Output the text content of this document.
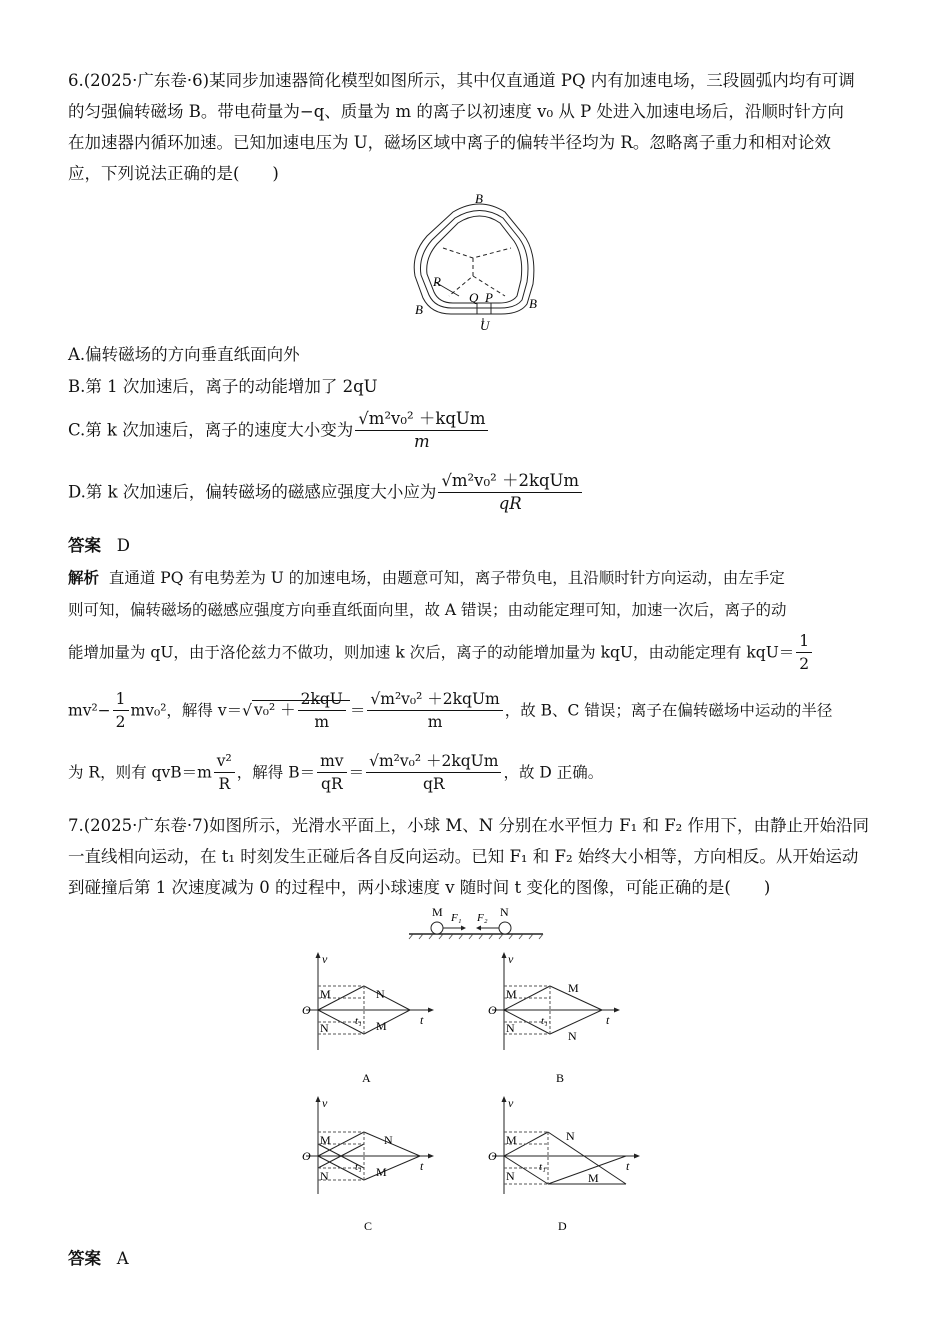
6.(2025·广东卷·6)某同步加速器简化模型如图所示，其中仅直通道 PQ 内有加速电场，三段圆弧内均有可调
的匀强偏转磁场 B。带电荷量为−q、质量为 m 的离子以初速度 v₀ 从 P 处进入加速电场后，沿顺时针方向
在加速器内循环加速。已知加速电压为 U，磁场区域中离子的偏转半径均为 R。忽略离子重力和相对论效
应，下列说法正确的是(　　)
B
B	B
R
Q P
U
A.偏转磁场的方向垂直纸面向外
B.第 1 次加速后，离子的动能增加了 2qU
C.第 k 次加速后，离子的速度大小变为 $\frac{\text{√m²v₀² ＋kqUm}}{m}$
D.第 k 次加速后，偏转磁场的磁感应强度大小应为 $\frac{\text{√m²v₀² ＋2kqUm}}{qR}$
答案 D
解析 直通道 PQ 有电势差为 U 的加速电场，由题意可知，离子带负电，且沿顺时针方向运动，由左手定
则可知，偏转磁场的磁感应强度方向垂直纸面向里，故 A 错误；由动能定理可知，加速一次后，离子的动
能增加量为 qU，由于洛伦兹力不做功，则加速 k 次后，离子的动能增加量为 kqU，由动能定理有 $kqU= \frac{1}{2}$
$mv^2- \frac{1}{2} mv_0^2$，解得 v＝√ $v_0^2 + \frac{\text{2kqU}}{m} = \frac{\text{√m²v₀² ＋2kqUm}}{m}$ ，故 B、C 错误；离子在偏转磁场中运动的半径
为 R，则有 $qvB=m \frac{\text{v²}}{R}$ ，解得 $B= \frac{mv}{qR} = \frac{\text{√m²v₀² ＋2kqUm}}{qR}$ ，故 D 正确。
7.(2025·广东卷·7)如图所示，光滑水平面上，小球 M、N 分别在水平恒力 F₁ 和 F₂ 作用下，由静止开始沿同
一直线相向运动，在 t₁ 时刻发生正碰后各自反向运动。已知 F₁ 和 F₂ 始终大小相等，方向相反。从开始运动
到碰撞后第 1 次速度减为 0 的过程中，两小球速度 v 随时间 t 变化的图像，可能正确的是(　　)
M F₁ F₂ N
v
t
O
t₁
M	N
N	M
A
v
t
O
t₁
M	M
N
N
B
v
t
O
t₁
M	N
N	M
C
v
t
O
t₁
M	N
N	M
D
答案 A
